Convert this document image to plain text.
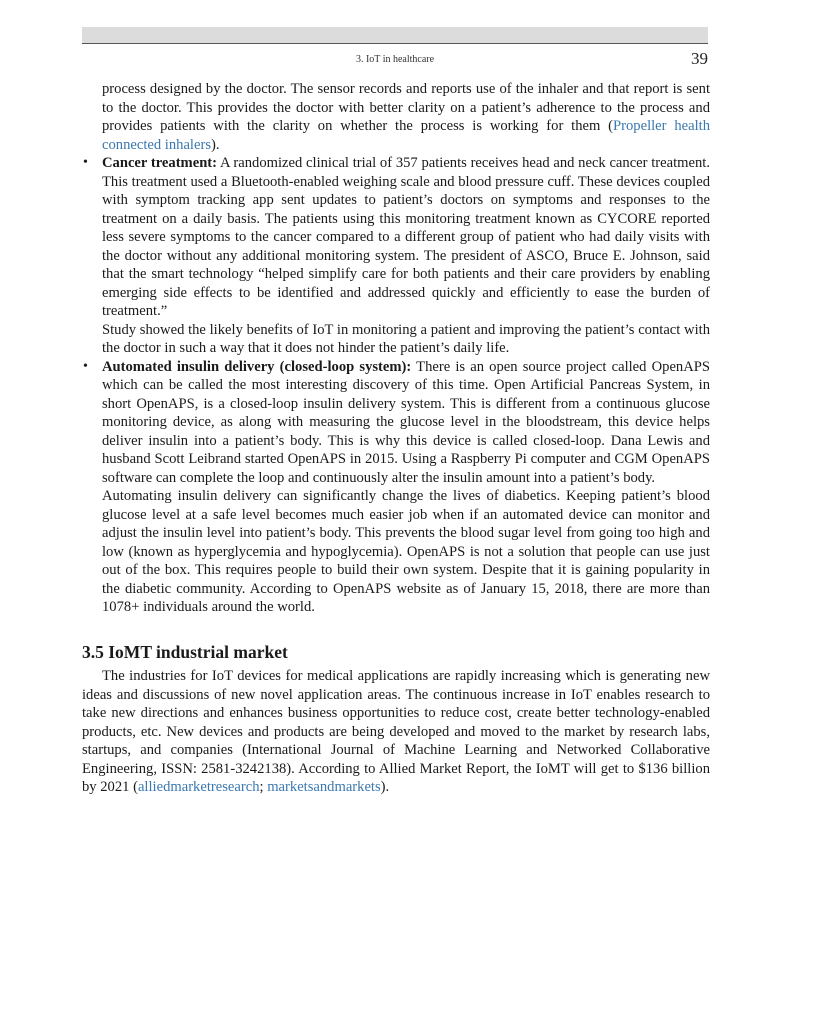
3. IoT in healthcare	39

process designed by the doctor. The sensor records and reports use of the inhaler and that report is sent to the doctor. This provides the doctor with better clarity on a patient’s adherence to the process and provides patients with the clarity on whether the process is working for them (Propeller health connected inhalers).

• Cancer treatment: A randomized clinical trial of 357 patients receives head and neck cancer treatment. This treatment used a Bluetooth-enabled weighing scale and blood pressure cuff. These devices coupled with symptom tracking app sent updates to patient’s doctors on symptoms and responses to the treatment on a daily basis. The patients using this monitoring treatment known as CYCORE reported less severe symptoms to the cancer compared to a different group of patient who had daily visits with the doctor without any additional monitoring system. The president of ASCO, Bruce E. Johnson, said that the smart technology “helped simplify care for both patients and their care providers by enabling emerging side effects to be identified and addressed quickly and efficiently to ease the burden of treatment.”

Study showed the likely benefits of IoT in monitoring a patient and improving the patient’s contact with the doctor in such a way that it does not hinder the patient’s daily life.

• Automated insulin delivery (closed-loop system): There is an open source project called OpenAPS which can be called the most interesting discovery of this time. Open Artificial Pancreas System, in short OpenAPS, is a closed-loop insulin delivery system. This is different from a continuous glucose monitoring device, as along with measuring the glucose level in the bloodstream, this device helps deliver insulin into a patient’s body. This is why this device is called closed-loop. Dana Lewis and husband Scott Leibrand started OpenAPS in 2015. Using a Raspberry Pi computer and CGM OpenAPS software can complete the loop and continuously alter the insulin amount into a patient’s body.

Automating insulin delivery can significantly change the lives of diabetics. Keeping patient’s blood glucose level at a safe level becomes much easier job when if an automated device can monitor and adjust the insulin level into patient’s body. This prevents the blood sugar level from going too high and low (known as hyperglycemia and hypoglycemia). OpenAPS is not a solution that people can use just out of the box. This requires people to build their own system. Despite that it is gaining popularity in the diabetic community. According to OpenAPS website as of January 15, 2018, there are more than 1078+ individuals around the world.

3.5 IoMT industrial market

The industries for IoT devices for medical applications are rapidly increasing which is generating new ideas and discussions of new novel application areas. The continuous increase in IoT enables research to take new directions and enhances business opportunities to reduce cost, create better technology-enabled products, etc. New devices and products are being developed and moved to the market by research labs, startups, and companies (International Journal of Machine Learning and Networked Collaborative Engineering, ISSN: 2581-3242138). According to Allied Market Report, the IoMT will get to $136 billion by 2021 (alliedmarketresearch; marketsandmarkets).
